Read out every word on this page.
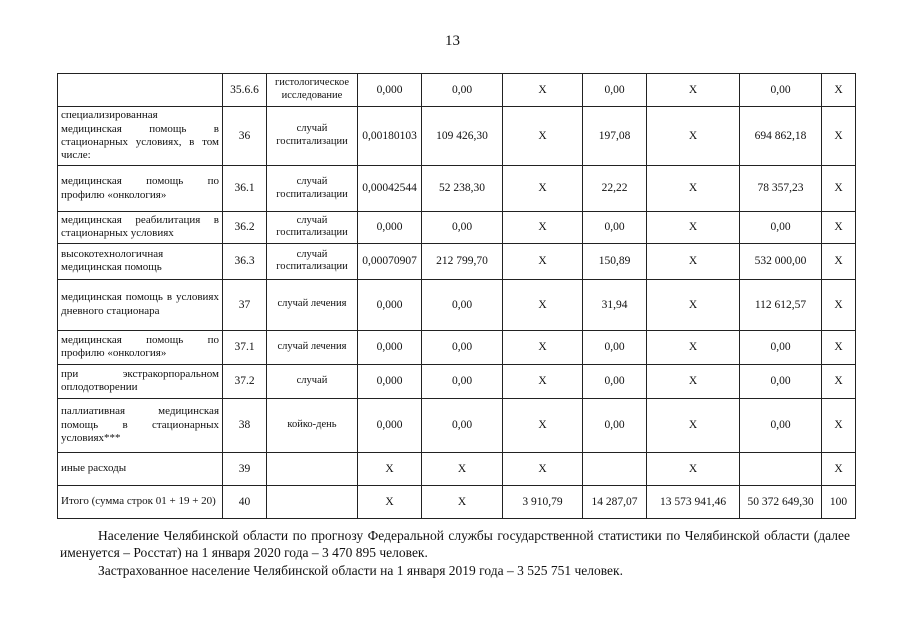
13
	35.6.6	гистологическое исследование	0,000	0,00	X	0,00	X	0,00	X
специализированная медицинская помощь в стационарных условиях, в том числе:	36	случай госпитализации	0,00180103	109 426,30	X	197,08	X	694 862,18	X
медицинская помощь по профилю «онкология»	36.1	случай госпитализации	0,00042544	52 238,30	X	22,22	X	78 357,23	X
медицинская реабилитация в стационарных условиях	36.2	случай госпитализации	0,000	0,00	X	0,00	X	0,00	X
высокотехнологичная медицинская помощь	36.3	случай госпитализации	0,00070907	212 799,70	X	150,89	X	532 000,00	X
медицинская помощь в условиях дневного стационара	37	случай лечения	0,000	0,00	X	31,94	X	112 612,57	X
медицинская помощь по профилю «онкология»	37.1	случай лечения	0,000	0,00	X	0,00	X	0,00	X
при экстракорпоральном оплодотворении	37.2	случай	0,000	0,00	X	0,00	X	0,00	X
паллиативная медицинская помощь в стационарных условиях***	38	койко-день	0,000	0,00	X	0,00	X	0,00	X
иные расходы	39		X	X	X		X		X
Итого (сумма строк 01 + 19 + 20)	40		X	X	3 910,79	14 287,07	13 573 941,46	50 372 649,30	100
Население Челябинской области по прогнозу Федеральной службы государственной статистики по Челябинской области (далее именуется – Росстат) на 1 января 2020 года – 3 470 895 человек.
Застрахованное население Челябинской области на 1 января 2019 года – 3 525 751 человек.
